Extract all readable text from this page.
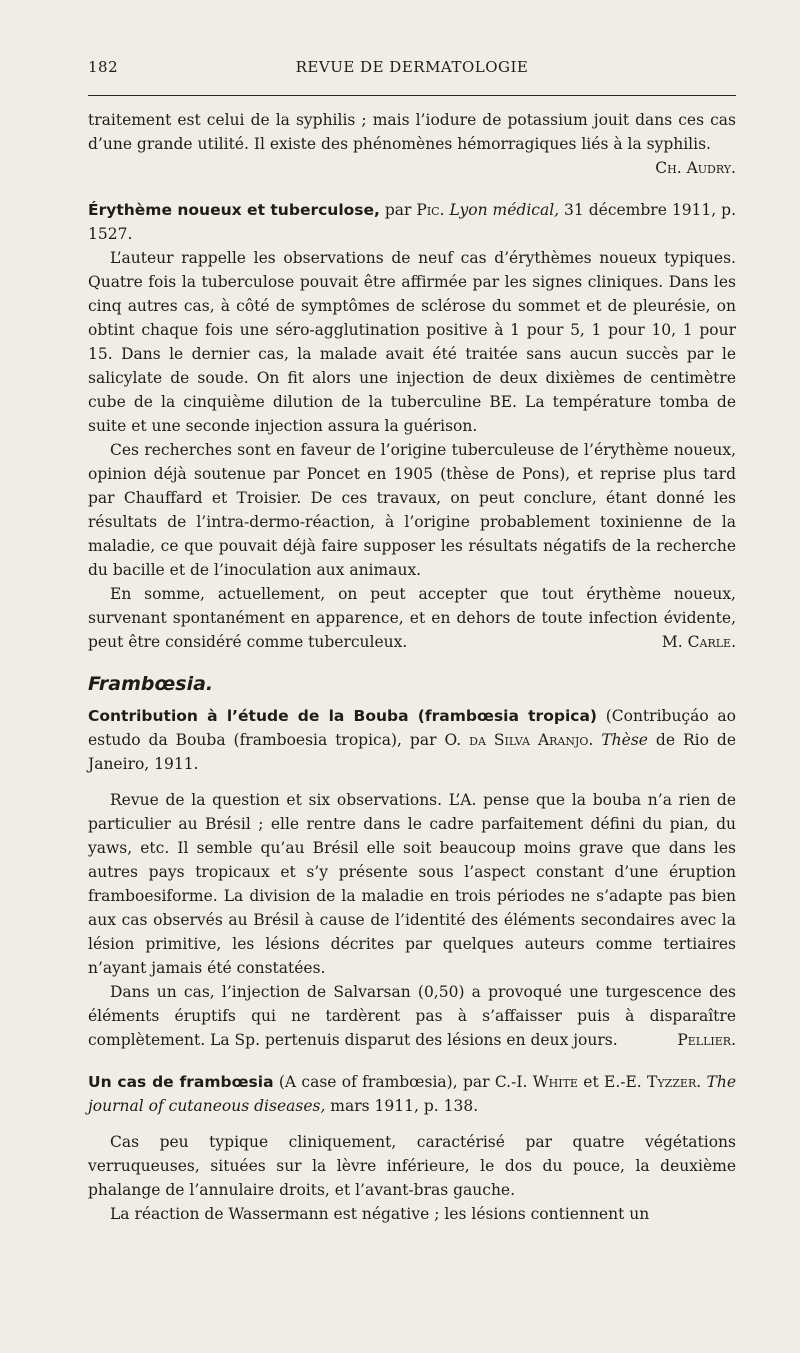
182	REVUE DE DERMATOLOGIE

traitement est celui de la syphilis ; mais l’iodure de potassium jouit dans ces cas d’une grande utilité. Il existe des phénomènes hémorragiques liés à la syphilis.

Ch. Audry.

Érythème noueux et tuberculose, par Pic. Lyon médical, 31 décembre 1911, p. 1527.

L’auteur rappelle les observations de neuf cas d’érythèmes noueux typiques. Quatre fois la tuberculose pouvait être affirmée par les signes cliniques. Dans les cinq autres cas, à côté de symptômes de sclérose du sommet et de pleurésie, on obtint chaque fois une séro-agglutination positive à 1 pour 5, 1 pour 10, 1 pour 15. Dans le dernier cas, la malade avait été traitée sans aucun succès par le salicylate de soude. On fit alors une injection de deux dixièmes de centimètre cube de la cinquième dilution de la tuberculine BE. La température tomba de suite et une seconde injection assura la guérison.

Ces recherches sont en faveur de l’origine tuberculeuse de l’érythème noueux, opinion déjà soutenue par Poncet en 1905 (thèse de Pons), et reprise plus tard par Chauffard et Troisier. De ces travaux, on peut conclure, étant donné les résultats de l’intra-dermo-réaction, à l’origine probablement toxinienne de la maladie, ce que pouvait déjà faire supposer les résultats négatifs de la recherche du bacille et de l’inoculation aux animaux.

En somme, actuellement, on peut accepter que tout érythème noueux, survenant spontanément en apparence, et en dehors de toute infection évidente, peut être considéré comme tuberculeux.	M. Carle.

Frambœsia.

Contribution à l’étude de la Bouba (frambœsia tropica) (Contribuçáo ao estudo da Bouba (framboesia tropica), par O. da Silva Aranjo. Thèse de Rio de Janeiro, 1911.

Revue de la question et six observations. L’A. pense que la bouba n’a rien de particulier au Brésil ; elle rentre dans le cadre parfaitement défini du pian, du yaws, etc. Il semble qu’au Brésil elle soit beaucoup moins grave que dans les autres pays tropicaux et s’y présente sous l’aspect constant d’une éruption framboesiforme. La division de la maladie en trois périodes ne s’adapte pas bien aux cas observés au Brésil à cause de l’identité des éléments secondaires avec la lésion primitive, les lésions décrites par quelques auteurs comme tertiaires n’ayant jamais été constatées.

Dans un cas, l’injection de Salvarsan (0,50) a provoqué une turgescence des éléments éruptifs qui ne tardèrent pas à s’affaisser puis à disparaître complètement. La Sp. pertenuis disparut des lésions en deux jours.	Pellier.

Un cas de frambœsia (A case of frambœsia), par C.-I. White et E.-E. Tyzzer. The journal of cutaneous diseases, mars 1911, p. 138.

Cas peu typique cliniquement, caractérisé par quatre végétations verruqueuses, situées sur la lèvre inférieure, le dos du pouce, la deuxième phalange de l’annulaire droits, et l’avant-bras gauche.

La réaction de Wassermann est négative ; les lésions contiennent un
